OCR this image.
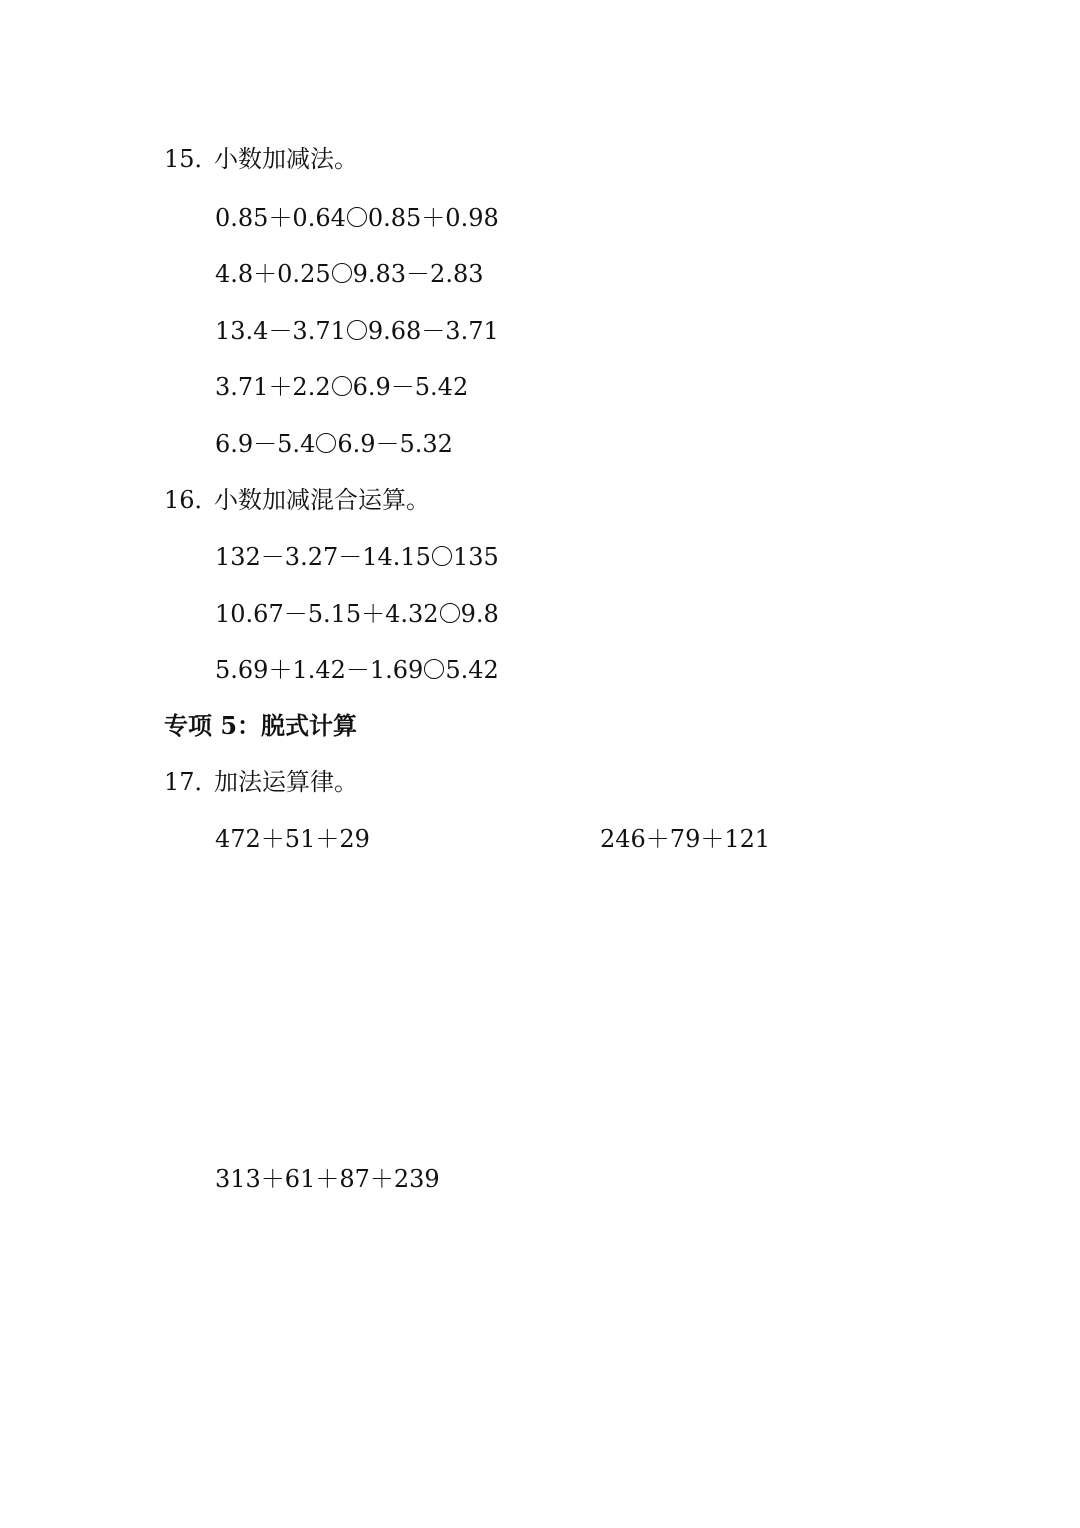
15．小数加减法。
0.85＋0.64 0.85＋0.98
4.8＋0.25 9.83－2.83
13.4－3.71 9.68－3.71
3.71＋2.2 6.9－5.42
6.9－5.4 6.9－5.32
16．小数加减混合运算。
132－3.27－14.15 135
10.67－5.15＋4.32 9.8
5.69＋1.42－1.69 5.42
专项 5：脱式计算
17．加法运算律。
472＋51＋29	246＋79＋121
313＋61＋87＋239
